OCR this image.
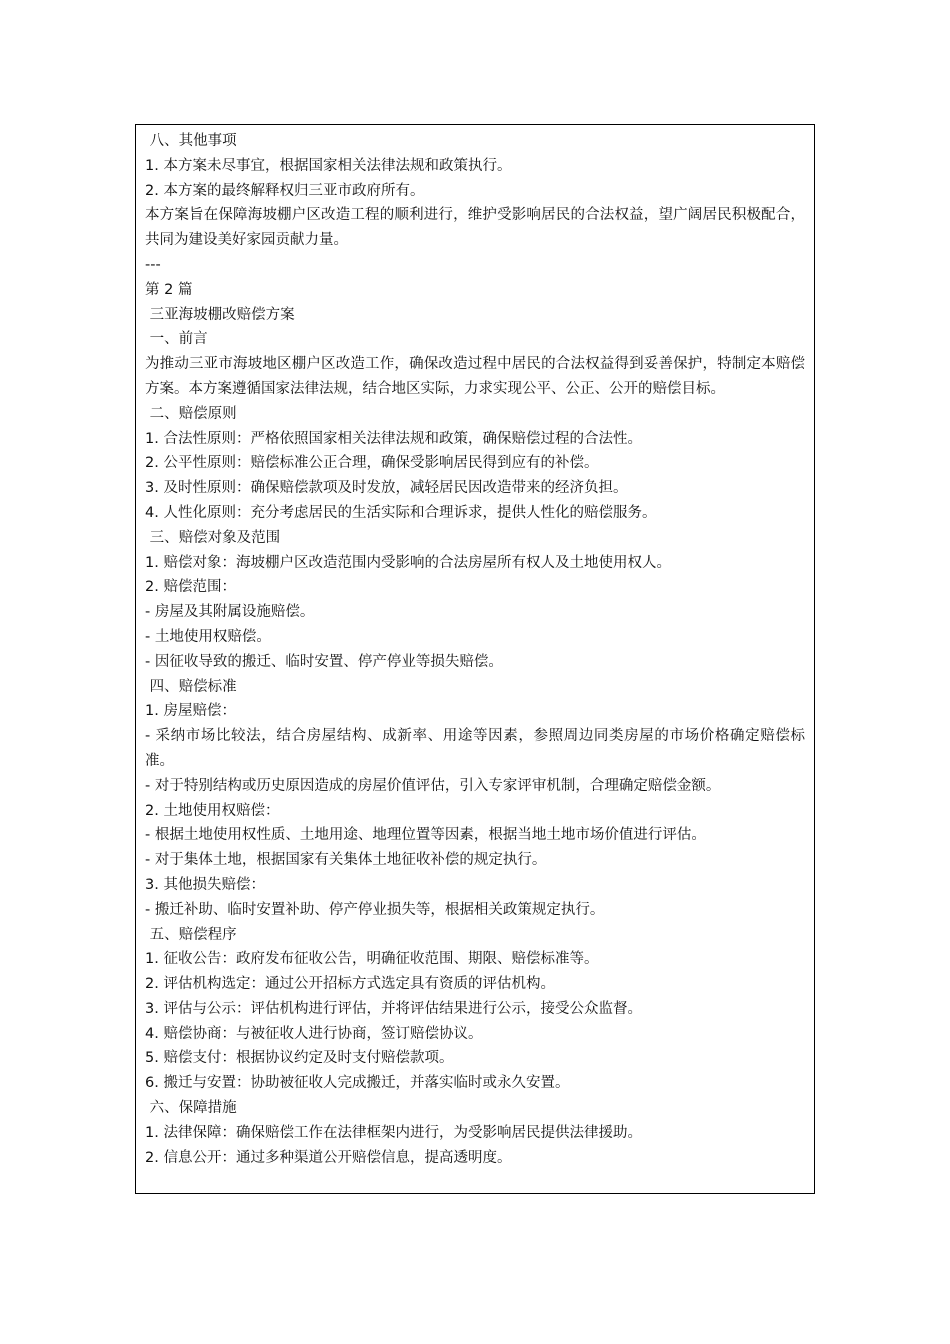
八、其他事项

1. 本方案未尽事宜，根据国家相关法律法规和政策执行。

2. 本方案的最终解释权归三亚市政府所有。

本方案旨在保障海坡棚户区改造工程的顺利进行，维护受影响居民的合法权益，望广阔居民积极配合，共同为建设美好家园贡献力量。

---

第 2 篇

三亚海坡棚改赔偿方案

一、前言

为推动三亚市海坡地区棚户区改造工作，确保改造过程中居民的合法权益得到妥善保护，特制定本赔偿方案。本方案遵循国家法律法规，结合地区实际，力求实现公平、公正、公开的赔偿目标。

二、赔偿原则

1. 合法性原则：严格依照国家相关法律法规和政策，确保赔偿过程的合法性。

2. 公平性原则：赔偿标准公正合理，确保受影响居民得到应有的补偿。

3. 及时性原则：确保赔偿款项及时发放，减轻居民因改造带来的经济负担。

4. 人性化原则：充分考虑居民的生活实际和合理诉求，提供人性化的赔偿服务。

三、赔偿对象及范围

1. 赔偿对象：海坡棚户区改造范围内受影响的合法房屋所有权人及土地使用权人。

2. 赔偿范围：

- 房屋及其附属设施赔偿。

- 土地使用权赔偿。

- 因征收导致的搬迁、临时安置、停产停业等损失赔偿。

四、赔偿标准

1. 房屋赔偿：

- 采纳市场比较法，结合房屋结构、成新率、用途等因素，参照周边同类房屋的市场价格确定赔偿标准。

- 对于特别结构或历史原因造成的房屋价值评估，引入专家评审机制，合理确定赔偿金额。

2. 土地使用权赔偿：

- 根据土地使用权性质、土地用途、地理位置等因素，根据当地土地市场价值进行评估。

- 对于集体土地，根据国家有关集体土地征收补偿的规定执行。

3. 其他损失赔偿：

- 搬迁补助、临时安置补助、停产停业损失等，根据相关政策规定执行。

五、赔偿程序

1. 征收公告：政府发布征收公告，明确征收范围、期限、赔偿标准等。

2. 评估机构选定：通过公开招标方式选定具有资质的评估机构。

3. 评估与公示：评估机构进行评估，并将评估结果进行公示，接受公众监督。

4. 赔偿协商：与被征收人进行协商，签订赔偿协议。

5. 赔偿支付：根据协议约定及时支付赔偿款项。

6. 搬迁与安置：协助被征收人完成搬迁，并落实临时或永久安置。

六、保障措施

1. 法律保障：确保赔偿工作在法律框架内进行，为受影响居民提供法律援助。

2. 信息公开：通过多种渠道公开赔偿信息，提高透明度。
